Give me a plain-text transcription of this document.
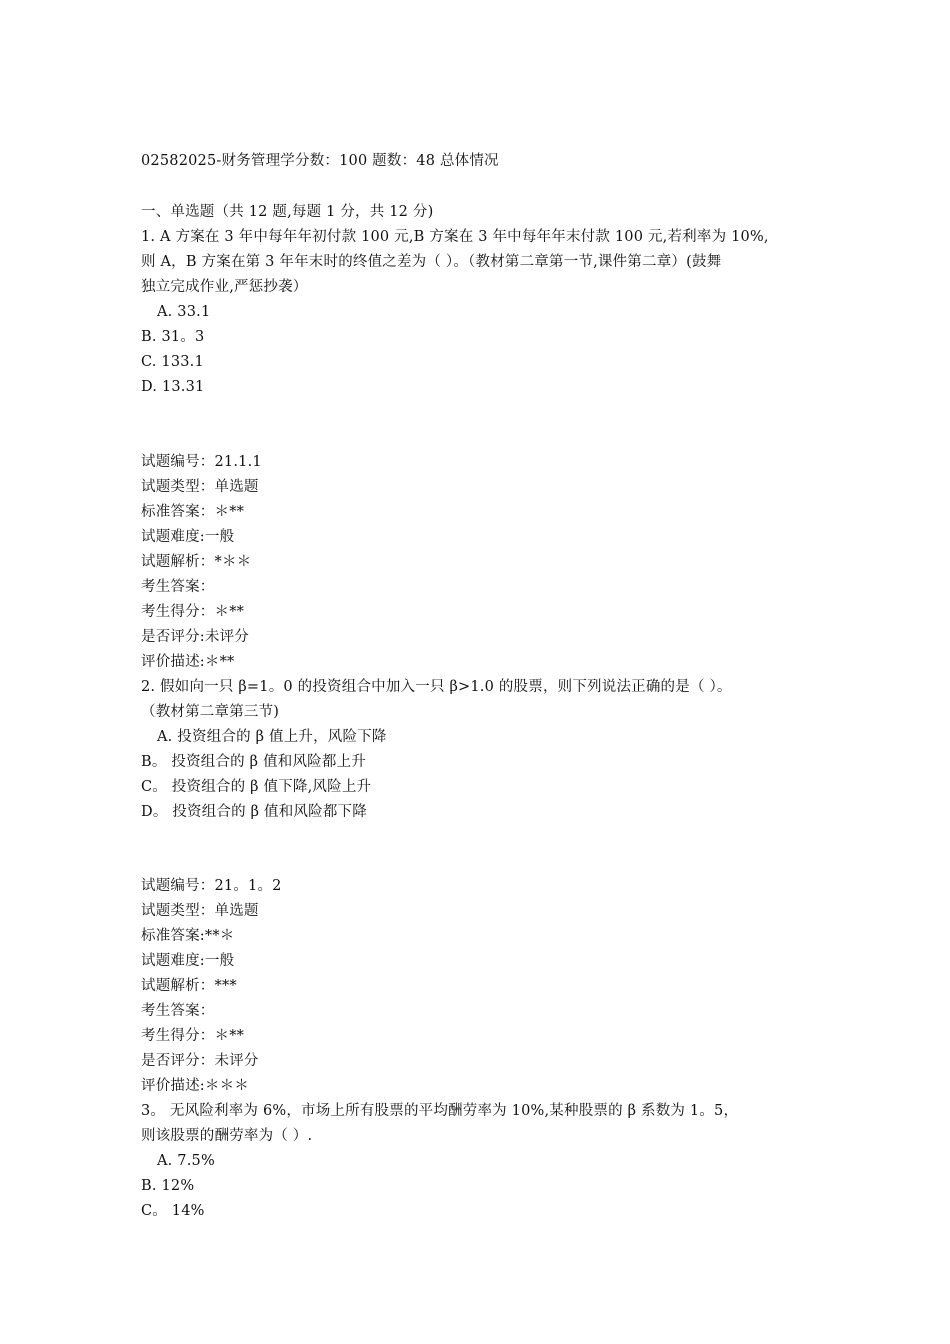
02582025-财务管理学分数：100 题数：48 总体情况
一、单选题（共 12 题,每题 1 分，共 12 分)
1. A 方案在 3 年中每年年初付款 100 元,B 方案在 3 年中每年年末付款 100 元,若利率为 10%,
则 A，B 方案在第 3 年年末时的终值之差为（ ）。（教材第二章第一节,课件第二章）(鼓舞
独立完成作业,严惩抄袭）
A. 33.1
B. 31。3
C. 133.1
D. 13.31
试题编号：21.1.1
试题类型：单选题
标准答案：＊**
试题难度:一般
试题解析：*＊＊
考生答案：
考生得分：＊**
是否评分:未评分
评价描述:＊**
2. 假如向一只 β=1。0 的投资组合中加入一只 β>1.0 的股票，则下列说法正确的是（ ）。
（教材第二章第三节)
A. 投资组合的 β 值上升，风险下降
B。 投资组合的 β 值和风险都上升
C。 投资组合的 β 值下降,风险上升
D。 投资组合的 β 值和风险都下降
试题编号：21。1。2
试题类型：单选题
标准答案:**＊
试题难度:一般
试题解析：***
考生答案：
考生得分：＊**
是否评分：未评分
评价描述:＊＊＊
3。 无风险利率为 6%，市场上所有股票的平均酬劳率为 10%,某种股票的 β 系数为 1。5，
则该股票的酬劳率为（ ）.
A. 7.5%
B. 12%
C。 14%
